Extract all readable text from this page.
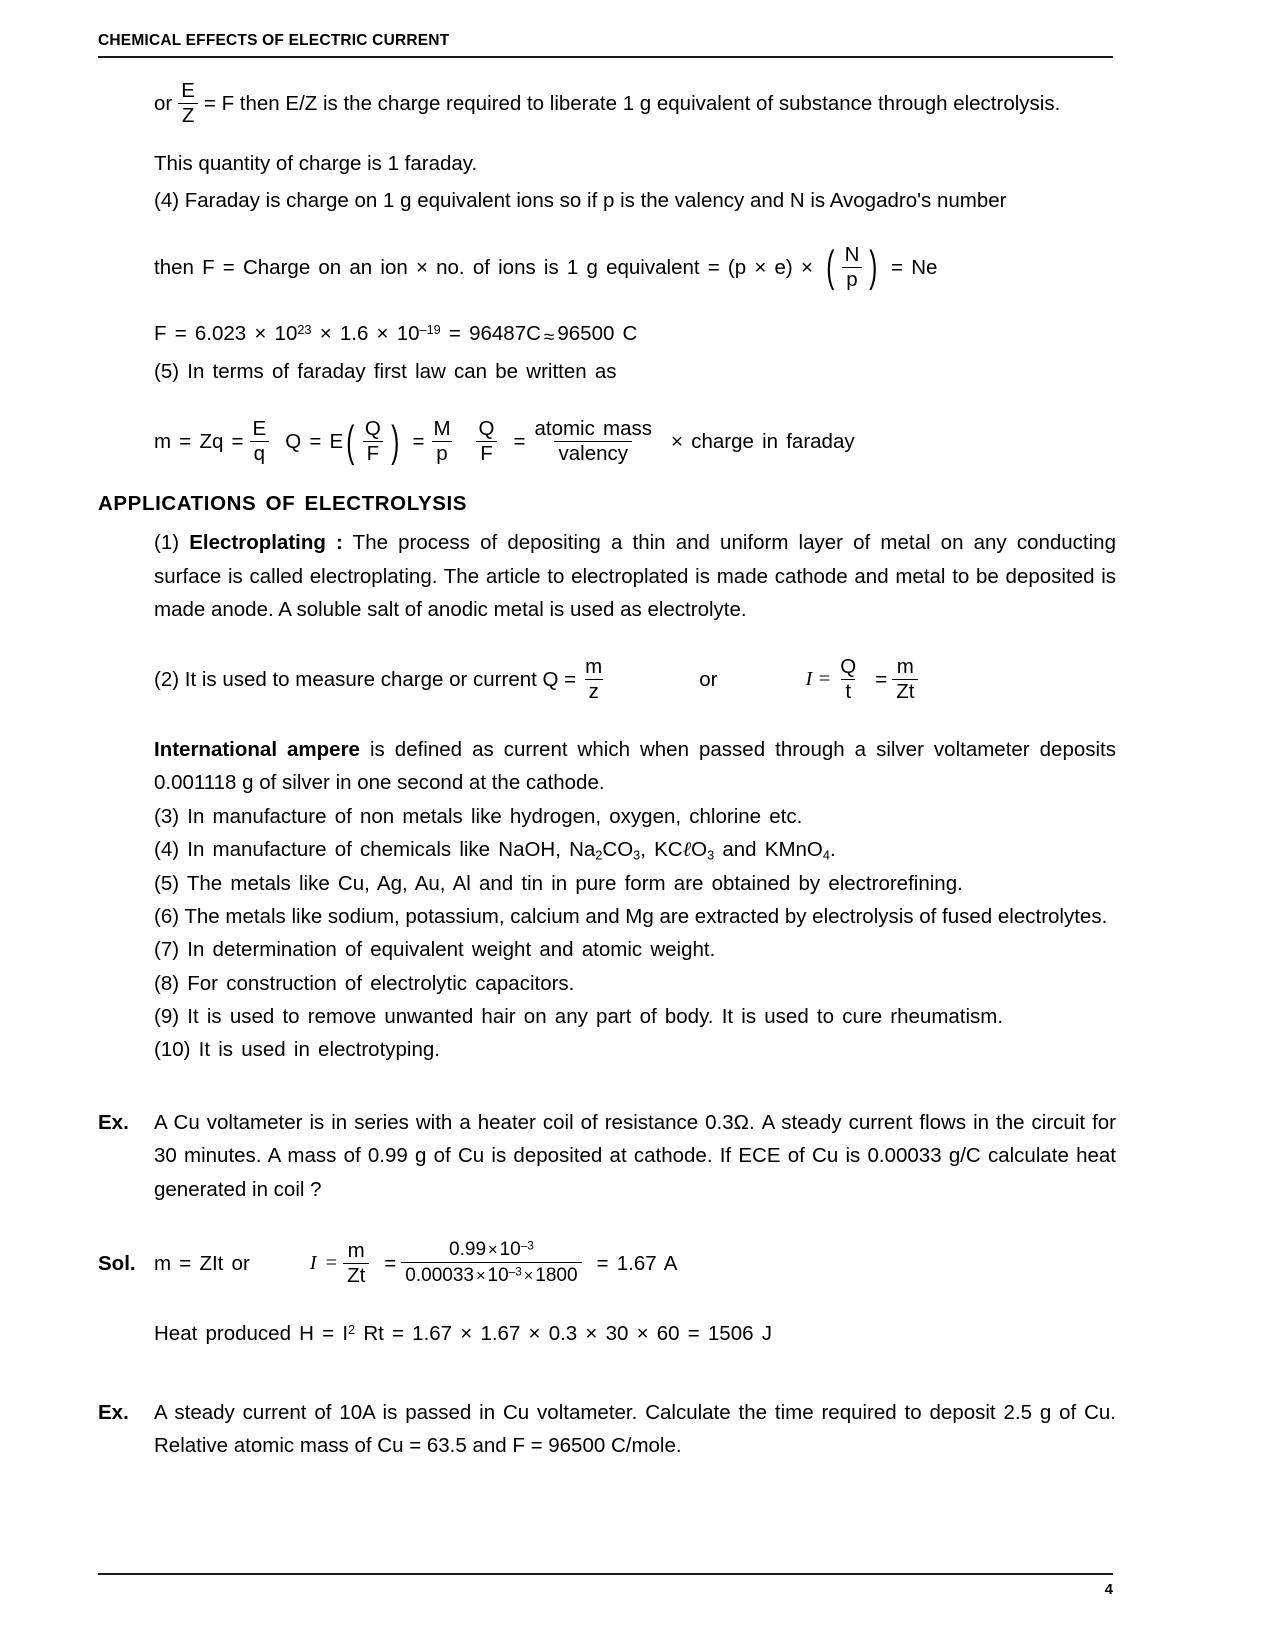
CHEMICAL EFFECTS OF ELECTRIC CURRENT
or $\frac{E}{Z} = F$ then E/Z is the charge required to liberate 1 g equivalent of substance through electrolysis.
This quantity of charge is 1 faraday.
(4) Faraday is charge on 1 g equivalent ions so if p is the valency and N is Avogadro's number
then F = Charge on an ion × no. of ions is 1 g equivalent = (p × e) × ( $\frac{N}{p}$ ) = Ne
$F = 6.023 \times 10^{23} \times 1.6 \times 10^{-19} = 96487C \approx 96500$ C
(5) In terms of faraday first law can be written as
$m = Zq = \frac{E}{q}$ Q = E ( $\frac{Q}{F}$ ) = $\frac{M}{p} \frac{Q}{F} = \frac{\text{atomic mass}}{\text{valency}}$ × charge in faraday
APPLICATIONS OF ELECTROLYSIS
(1) Electroplating : The process of depositing a thin and uniform layer of metal on any conducting surface is called electroplating. The article to electroplated is made cathode and metal to be deposited is made anode. A soluble salt of anodic metal is used as electrolyte.
(2) It is used to measure charge or current $Q = \frac{m}{z}$	or	$I = \frac{Q}{t} = \frac{m}{Zt}$
International ampere is defined as current which when passed through a silver voltameter deposits 0.001118 g of silver in one second at the cathode.
(3) In manufacture of non metals like hydrogen, oxygen, chlorine etc.
(4) In manufacture of chemicals like NaOH, $Na_2CO_3$, KCℓO$_3$ and KMnO$_4$.
(5) The metals like Cu, Ag, Au, Al and tin in pure form are obtained by electrorefining.
(6) The metals like sodium, potassium, calcium and Mg are extracted by electrolysis of fused electrolytes.
(7) In determination of equivalent weight and atomic weight.
(8) For construction of electrolytic capacitors.
(9) It is used to remove unwanted hair on any part of body. It is used to cure rheumatism.
(10) It is used in electrotyping.
Ex.	A Cu voltameter is in series with a heater coil of resistance 0.3Ω. A steady current flows in the circuit for 30 minutes. A mass of 0.99 g of Cu is deposited at cathode. If ECE of Cu is 0.00033 g/C calculate heat generated in coil ?
Sol. m = ZIt or	$I = \frac{m}{Zt} = \frac{0.99 \times 10^{-3}}{0.00033 \times 10^{-3} \times 1800} = 1.67$ A
Heat produced $H = I^2$ Rt = 1.67 × 1.67 × 0.3 × 30 × 60 = 1506 J
Ex.	A steady current of 10A is passed in Cu voltameter. Calculate the time required to deposit 2.5 g of Cu. Relative atomic mass of Cu = 63.5 and F = 96500 C/mole.
4
